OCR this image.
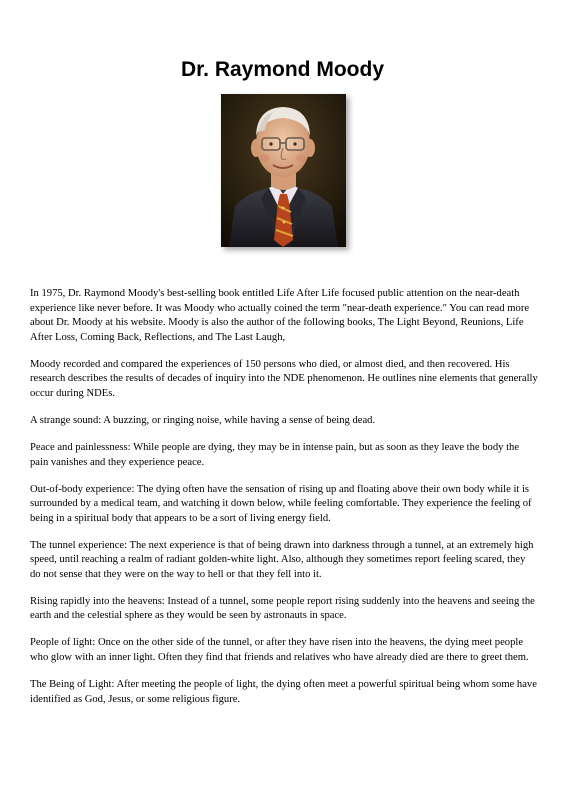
Dr. Raymond Moody

In 1975, Dr. Raymond Moody's best-selling book entitled Life After Life focused public attention on the near-death experience like never before. It was Moody who actually coined the term "near-death experience." You can read more about Dr. Moody at his website. Moody is also the author of the following books, The Light Beyond, Reunions, Life After Loss, Coming Back, Reflections, and The Last Laugh,

Moody recorded and compared the experiences of 150 persons who died, or almost died, and then recovered. His research describes the results of decades of inquiry into the NDE phenomenon. He outlines nine elements that generally occur during NDEs.

A strange sound: A buzzing, or ringing noise, while having a sense of being dead.

Peace and painlessness: While people are dying, they may be in intense pain, but as soon as they leave the body the pain vanishes and they experience peace.

Out-of-body experience: The dying often have the sensation of rising up and floating above their own body while it is surrounded by a medical team, and watching it down below, while feeling comfortable. They experience the feeling of being in a spiritual body that appears to be a sort of living energy field.

The tunnel experience: The next experience is that of being drawn into darkness through a tunnel, at an extremely high speed, until reaching a realm of radiant golden-white light. Also, although they sometimes report feeling scared, they do not sense that they were on the way to hell or that they fell into it.

Rising rapidly into the heavens: Instead of a tunnel, some people report rising suddenly into the heavens and seeing the earth and the celestial sphere as they would be seen by astronauts in space.

People of light: Once on the other side of the tunnel, or after they have risen into the heavens, the dying meet people who glow with an inner light. Often they find that friends and relatives who have already died are there to greet them.

The Being of Light: After meeting the people of light, the dying often meet a powerful spiritual being whom some have identified as God, Jesus, or some religious figure.
